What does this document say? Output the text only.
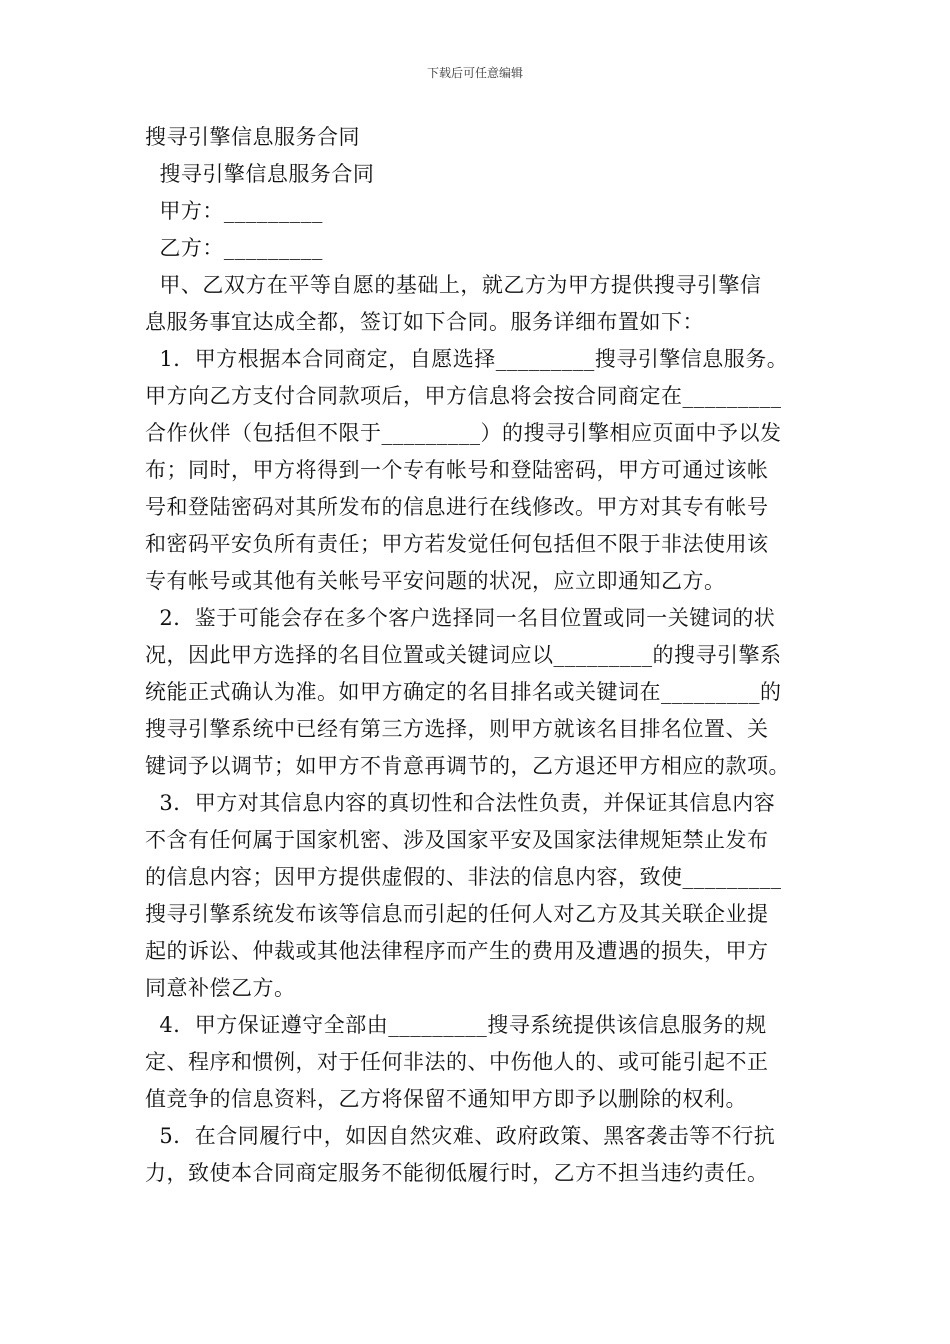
下载后可任意编辑
搜寻引擎信息服务合同
搜寻引擎信息服务合同
甲方：_________
乙方：_________
甲、乙双方在平等自愿的基础上，就乙方为甲方提供搜寻引擎信
息服务事宜达成全都，签订如下合同。服务详细布置如下：
1．甲方根据本合同商定，自愿选择_________搜寻引擎信息服务。
甲方向乙方支付合同款项后，甲方信息将会按合同商定在_________
合作伙伴（包括但不限于_________）的搜寻引擎相应页面中予以发
布；同时，甲方将得到一个专有帐号和登陆密码，甲方可通过该帐
号和登陆密码对其所发布的信息进行在线修改。甲方对其专有帐号
和密码平安负所有责任；甲方若发觉任何包括但不限于非法使用该
专有帐号或其他有关帐号平安问题的状况，应立即通知乙方。
2．鉴于可能会存在多个客户选择同一名目位置或同一关键词的状
况，因此甲方选择的名目位置或关键词应以_________的搜寻引擎系
统能正式确认为准。如甲方确定的名目排名或关键词在_________的
搜寻引擎系统中已经有第三方选择，则甲方就该名目排名位置、关
键词予以调节；如甲方不肯意再调节的，乙方退还甲方相应的款项。
3．甲方对其信息内容的真切性和合法性负责，并保证其信息内容
不含有任何属于国家机密、涉及国家平安及国家法律规矩禁止发布
的信息内容；因甲方提供虚假的、非法的信息内容，致使_________
搜寻引擎系统发布该等信息而引起的任何人对乙方及其关联企业提
起的诉讼、仲裁或其他法律程序而产生的费用及遭遇的损失，甲方
同意补偿乙方。
4．甲方保证遵守全部由_________搜寻系统提供该信息服务的规
定、程序和惯例，对于任何非法的、中伤他人的、或可能引起不正
值竞争的信息资料，乙方将保留不通知甲方即予以删除的权利。
5．在合同履行中，如因自然灾难、政府政策、黑客袭击等不行抗
力，致使本合同商定服务不能彻低履行时，乙方不担当违约责任。
